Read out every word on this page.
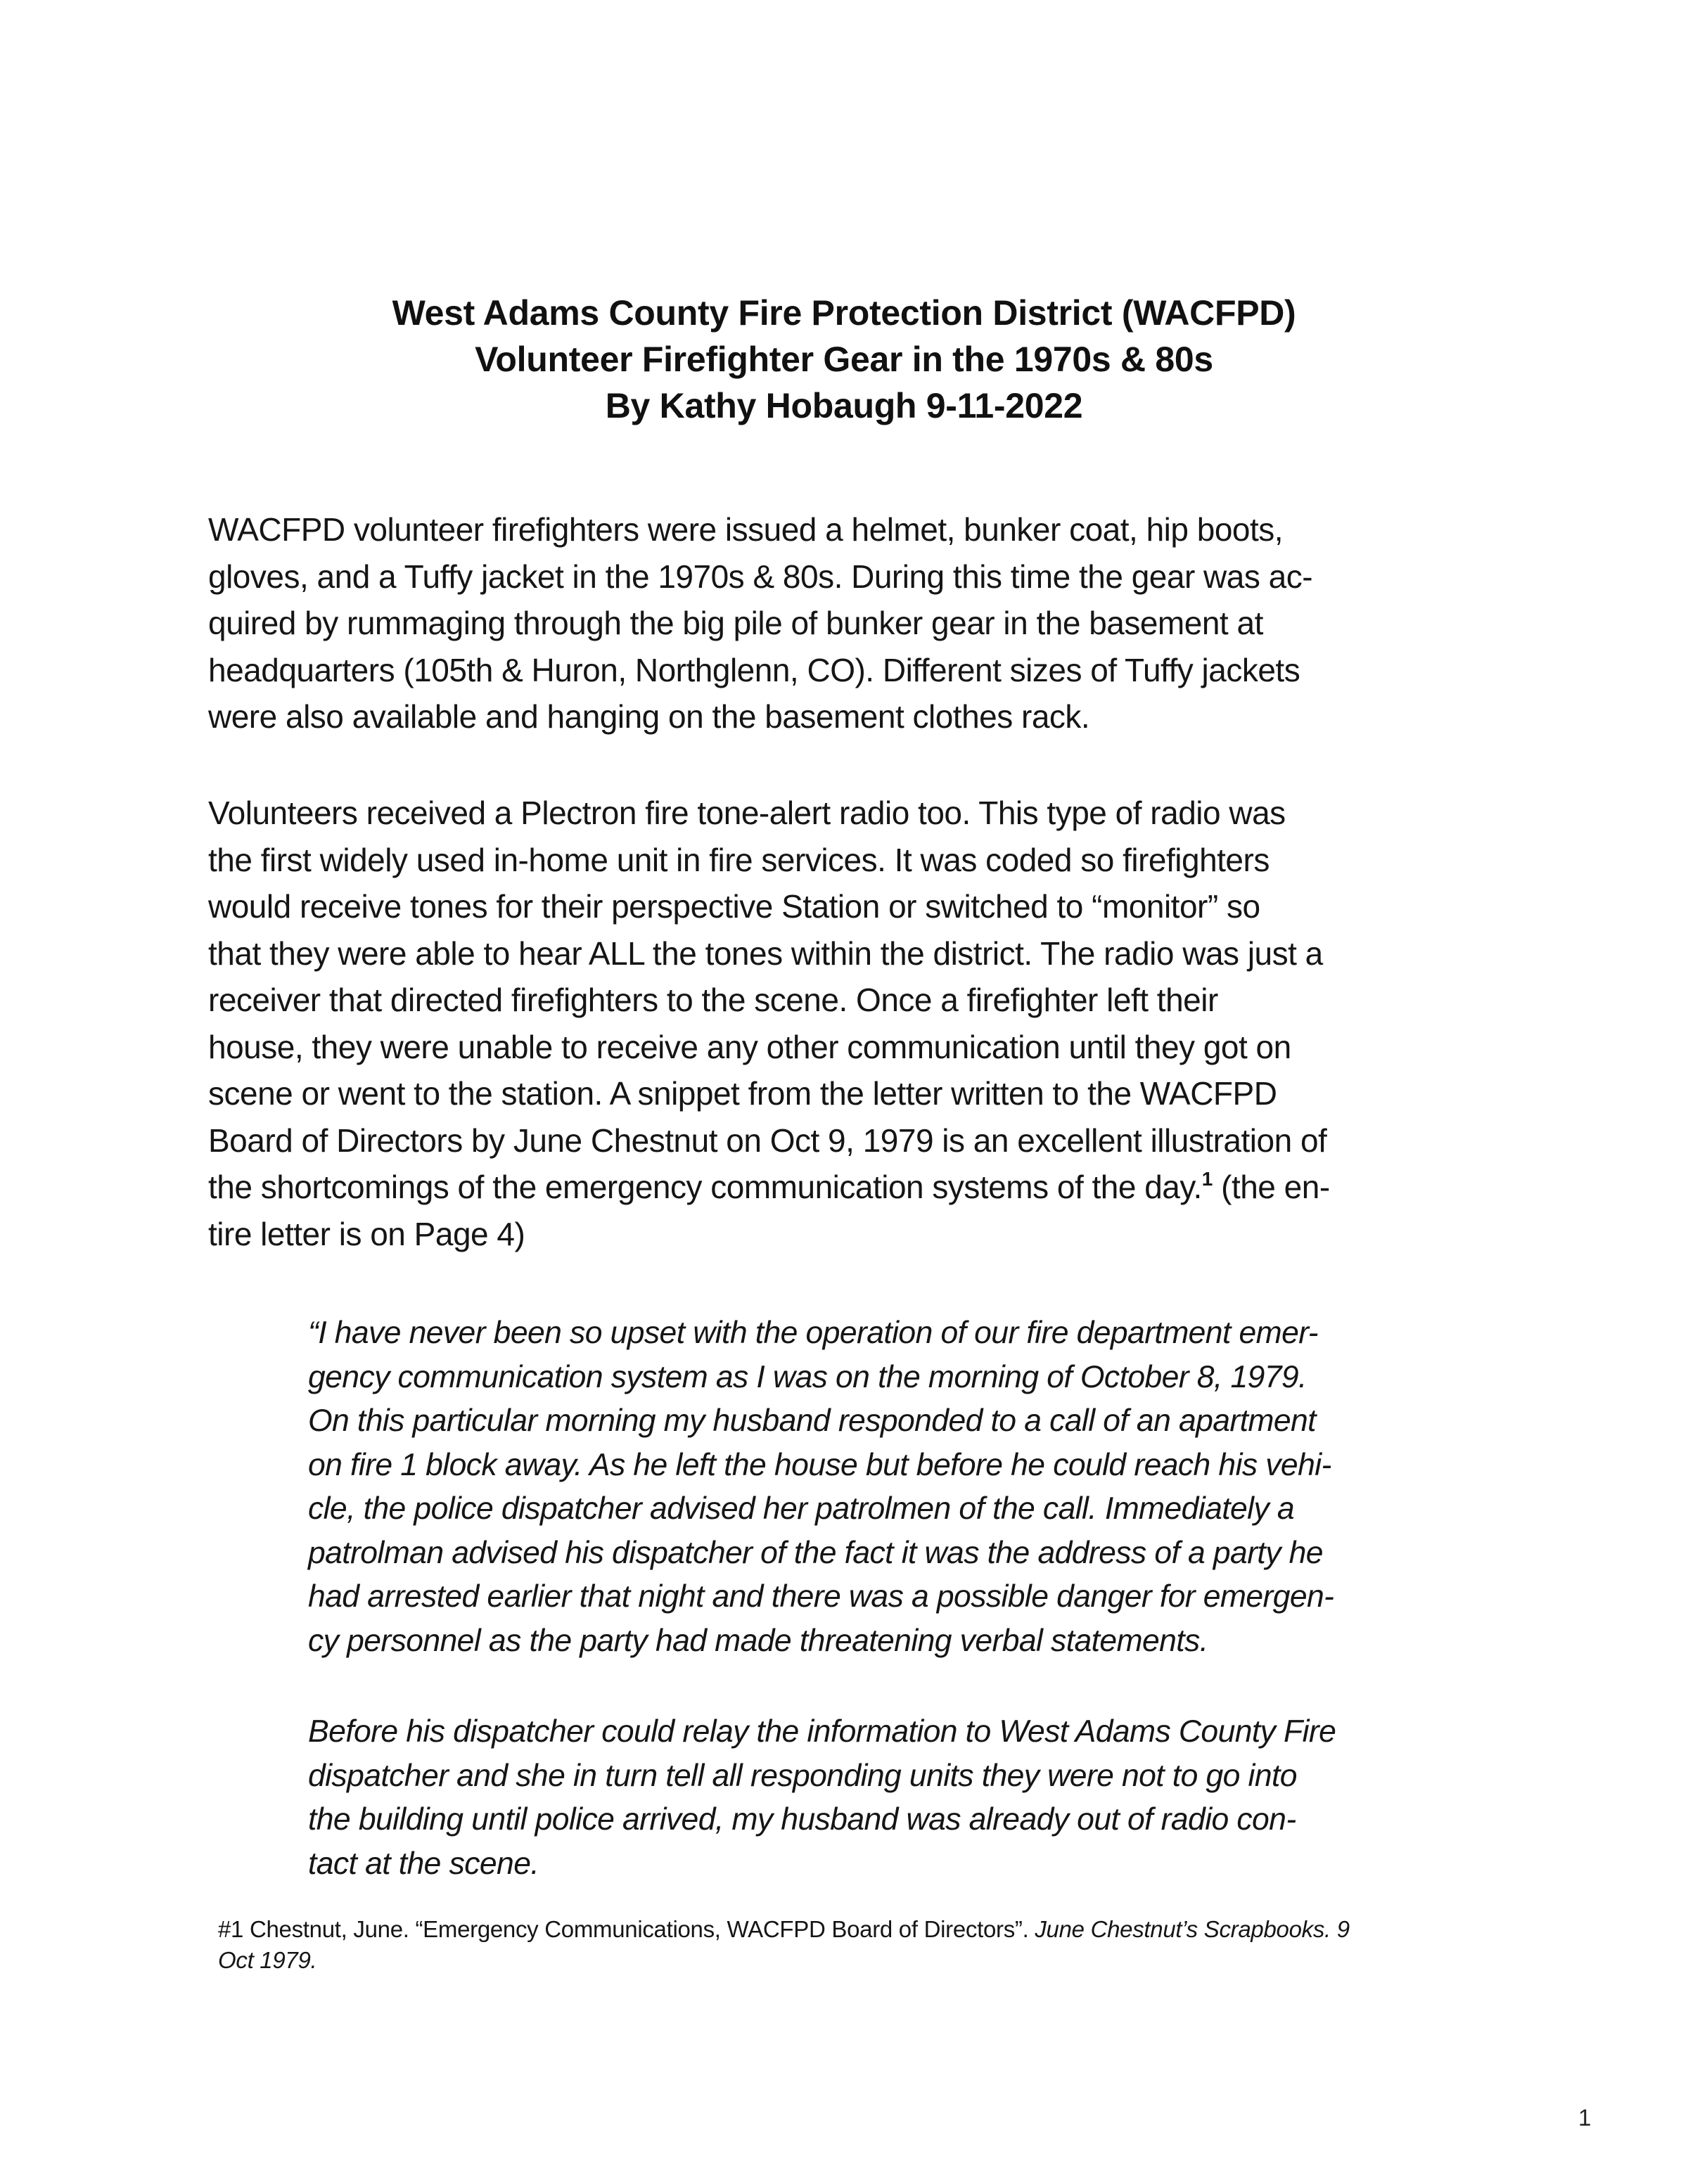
West Adams County Fire Protection District (WACFPD)
Volunteer Firefighter Gear in the 1970s & 80s
By Kathy Hobaugh 9-11-2022
WACFPD volunteer firefighters were issued a helmet, bunker coat, hip boots,
gloves, and a Tuffy jacket in the 1970s & 80s. During this time the gear was ac-
quired by rummaging through the big pile of bunker gear in the basement at
headquarters (105th & Huron, Northglenn, CO). Different sizes of Tuffy jackets
were also available and hanging on the basement clothes rack.
Volunteers received a Plectron fire tone-alert radio too. This type of radio was
the first widely used in-home unit in fire services. It was coded so firefighters
would receive tones for their perspective Station or switched to “monitor” so
that they were able to hear ALL the tones within the district. The radio was just a
receiver that directed firefighters to the scene. Once a firefighter left their
house, they were unable to receive any other communication until they got on
scene or went to the station. A snippet from the letter written to the WACFPD
Board of Directors by June Chestnut on Oct 9, 1979 is an excellent illustration of
the shortcomings of the emergency communication systems of the day.$^1$ (the en-
tire letter is on Page 4)
“I have never been so upset with the operation of our fire department emer-
gency communication system as I was on the morning of October 8, 1979.
On this particular morning my husband responded to a call of an apartment
on fire 1 block away. As he left the house but before he could reach his vehi-
cle, the police dispatcher advised her patrolmen of the call. Immediately a
patrolman advised his dispatcher of the fact it was the address of a party he
had arrested earlier that night and there was a possible danger for emergen-
cy personnel as the party had made threatening verbal statements.
Before his dispatcher could relay the information to West Adams County Fire
dispatcher and she in turn tell all responding units they were not to go into
the building until police arrived, my husband was already out of radio con-
tact at the scene.
#1 Chestnut, June. “Emergency Communications, WACFPD Board of Directors”. June Chestnut’s Scrapbooks. 9
Oct 1979.
1
